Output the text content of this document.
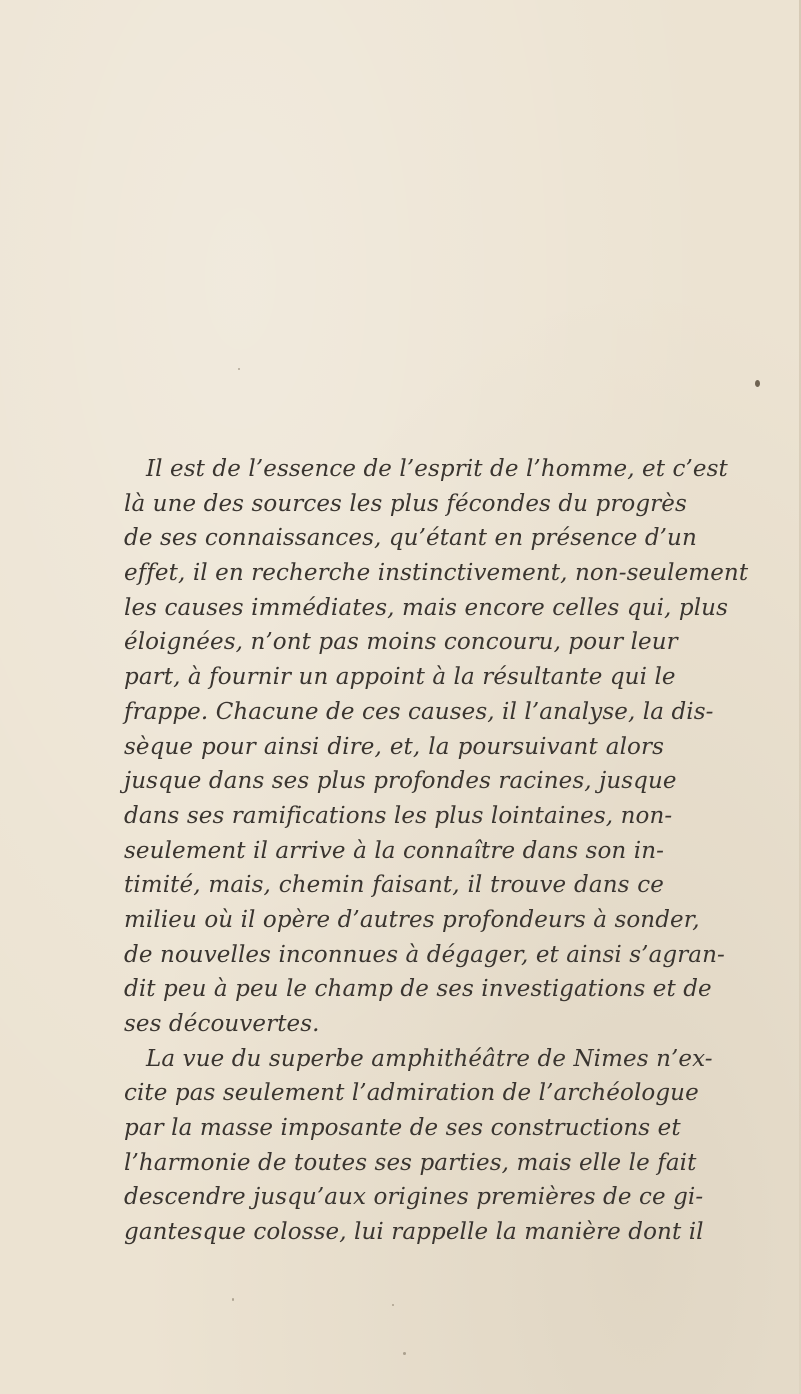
Il est de l’essence de l’esprit de l’homme, et c’est
là une des sources les plus fécondes du progrès
de ses connaissances, qu’étant en présence d’un
effet, il en recherche instinctivement, non-seulement
les causes immédiates, mais encore celles qui, plus
éloignées, n’ont pas moins concouru, pour leur
part, à fournir un appoint à la résultante qui le
frappe. Chacune de ces causes, il l’analyse, la dis-
sèque pour ainsi dire, et, la poursuivant alors
jusque dans ses plus profondes racines, jusque
dans ses ramifications les plus lointaines, non-
seulement il arrive à la connaître dans son in-
timité, mais, chemin faisant, il trouve dans ce
milieu où il opère d’autres profondeurs à sonder,
de nouvelles inconnues à dégager, et ainsi s’agran-
dit peu à peu le champ de ses investigations et de
ses découvertes.
La vue du superbe amphithéâtre de Nimes n’ex-
cite pas seulement l’admiration de l’archéologue
par la masse imposante de ses constructions et
l’harmonie de toutes ses parties, mais elle le fait
descendre jusqu’aux origines premières de ce gi-
gantesque colosse, lui rappelle la manière dont il
